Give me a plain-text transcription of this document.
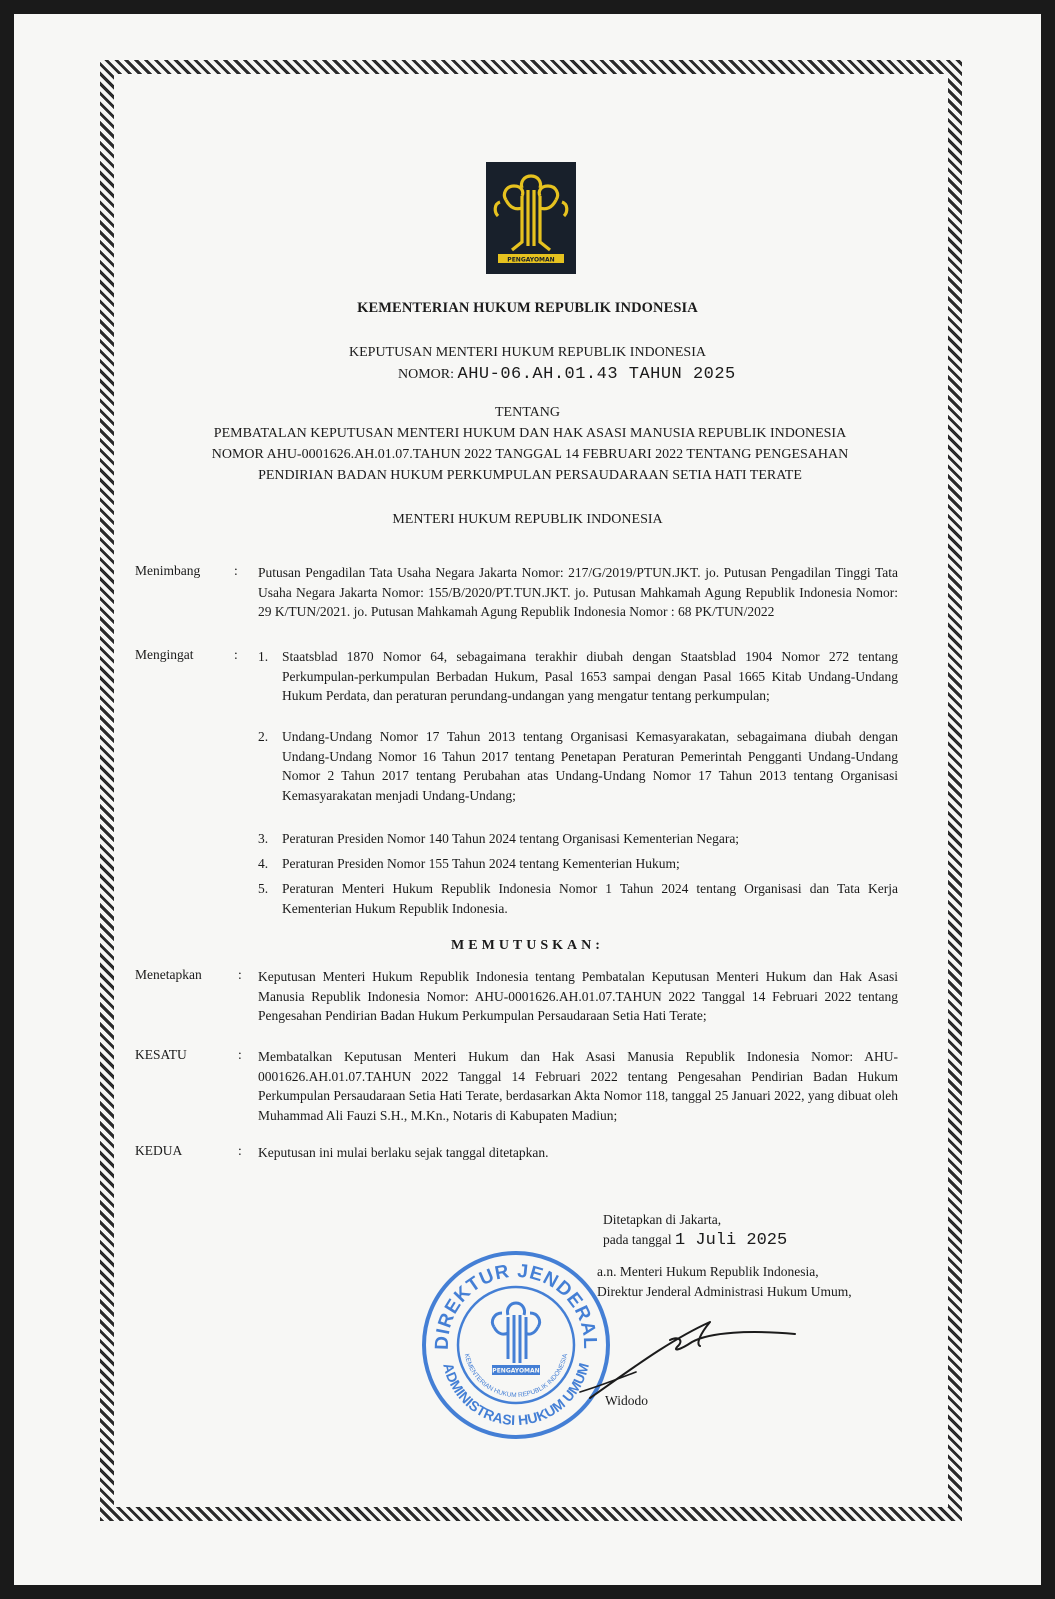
PENGAYOMAN
KEMENTERIAN HUKUM REPUBLIK INDONESIA
KEPUTUSAN MENTERI HUKUM REPUBLIK INDONESIA
NOMOR: AHU-06.AH.01.43 TAHUN 2025
TENTANG
PEMBATALAN KEPUTUSAN MENTERI HUKUM DAN HAK ASASI MANUSIA REPUBLIK INDONESIA
NOMOR AHU-0001626.AH.01.07.TAHUN 2022 TANGGAL 14 FEBRUARI 2022 TENTANG PENGESAHAN
PENDIRIAN BADAN HUKUM PERKUMPULAN PERSAUDARAAN SETIA HATI TERATE
MENTERI HUKUM REPUBLIK INDONESIA
Menimbang	: Putusan Pengadilan Tata Usaha Negara Jakarta Nomor: 217/G/2019/PTUN.JKT. jo. Putusan Pengadilan Tinggi Tata Usaha Negara Jakarta Nomor: 155/B/2020/PT.TUN.JKT. jo. Putusan Mahkamah Agung Republik Indonesia Nomor: 29 K/TUN/2021. jo. Putusan Mahkamah Agung Republik Indonesia Nomor : 68 PK/TUN/2022
Mengingat	: 1. Staatsblad 1870 Nomor 64, sebagaimana terakhir diubah dengan Staatsblad 1904 Nomor 272 tentang Perkumpulan-perkumpulan Berbadan Hukum, Pasal 1653 sampai dengan Pasal 1665 Kitab Undang-Undang Hukum Perdata, dan peraturan perundang-undangan yang mengatur tentang perkumpulan;
2. Undang-Undang Nomor 17 Tahun 2013 tentang Organisasi Kemasyarakatan, sebagaimana diubah dengan Undang-Undang Nomor 16 Tahun 2017 tentang Penetapan Peraturan Pemerintah Pengganti Undang-Undang Nomor 2 Tahun 2017 tentang Perubahan atas Undang-Undang Nomor 17 Tahun 2013 tentang Organisasi Kemasyarakatan menjadi Undang-Undang;
3. Peraturan Presiden Nomor 140 Tahun 2024 tentang Organisasi Kementerian Negara;
4. Peraturan Presiden Nomor 155 Tahun 2024 tentang Kementerian Hukum;
5. Peraturan Menteri Hukum Republik Indonesia Nomor 1 Tahun 2024 tentang Organisasi dan Tata Kerja Kementerian Hukum Republik Indonesia.
MEMUTUSKAN:
Menetapkan	: Keputusan Menteri Hukum Republik Indonesia tentang Pembatalan Keputusan Menteri Hukum dan Hak Asasi Manusia Republik Indonesia Nomor: AHU-0001626.AH.01.07.TAHUN 2022 Tanggal 14 Februari 2022 tentang Pengesahan Pendirian Badan Hukum Perkumpulan Persaudaraan Setia Hati Terate;
KESATU	: Membatalkan Keputusan Menteri Hukum dan Hak Asasi Manusia Republik Indonesia Nomor: AHU-0001626.AH.01.07.TAHUN 2022 Tanggal 14 Februari 2022 tentang Pengesahan Pendirian Badan Hukum Perkumpulan Persaudaraan Setia Hati Terate, berdasarkan Akta Nomor 118, tanggal 25 Januari 2022, yang dibuat oleh Muhammad Ali Fauzi S.H., M.Kn., Notaris di Kabupaten Madiun;
KEDUA	: Keputusan ini mulai berlaku sejak tanggal ditetapkan.
Ditetapkan di Jakarta,
pada tanggal 1 Juli 2025
a.n. Menteri Hukum Republik Indonesia,
Direktur Jenderal Administrasi Hukum Umum,
DIREKTUR JENDERAL
ADMINISTRASI HUKUM UMUM
KEMENTERIAN HUKUM REPUBLIK INDONESIA
PENGAYOMAN
Widodo
